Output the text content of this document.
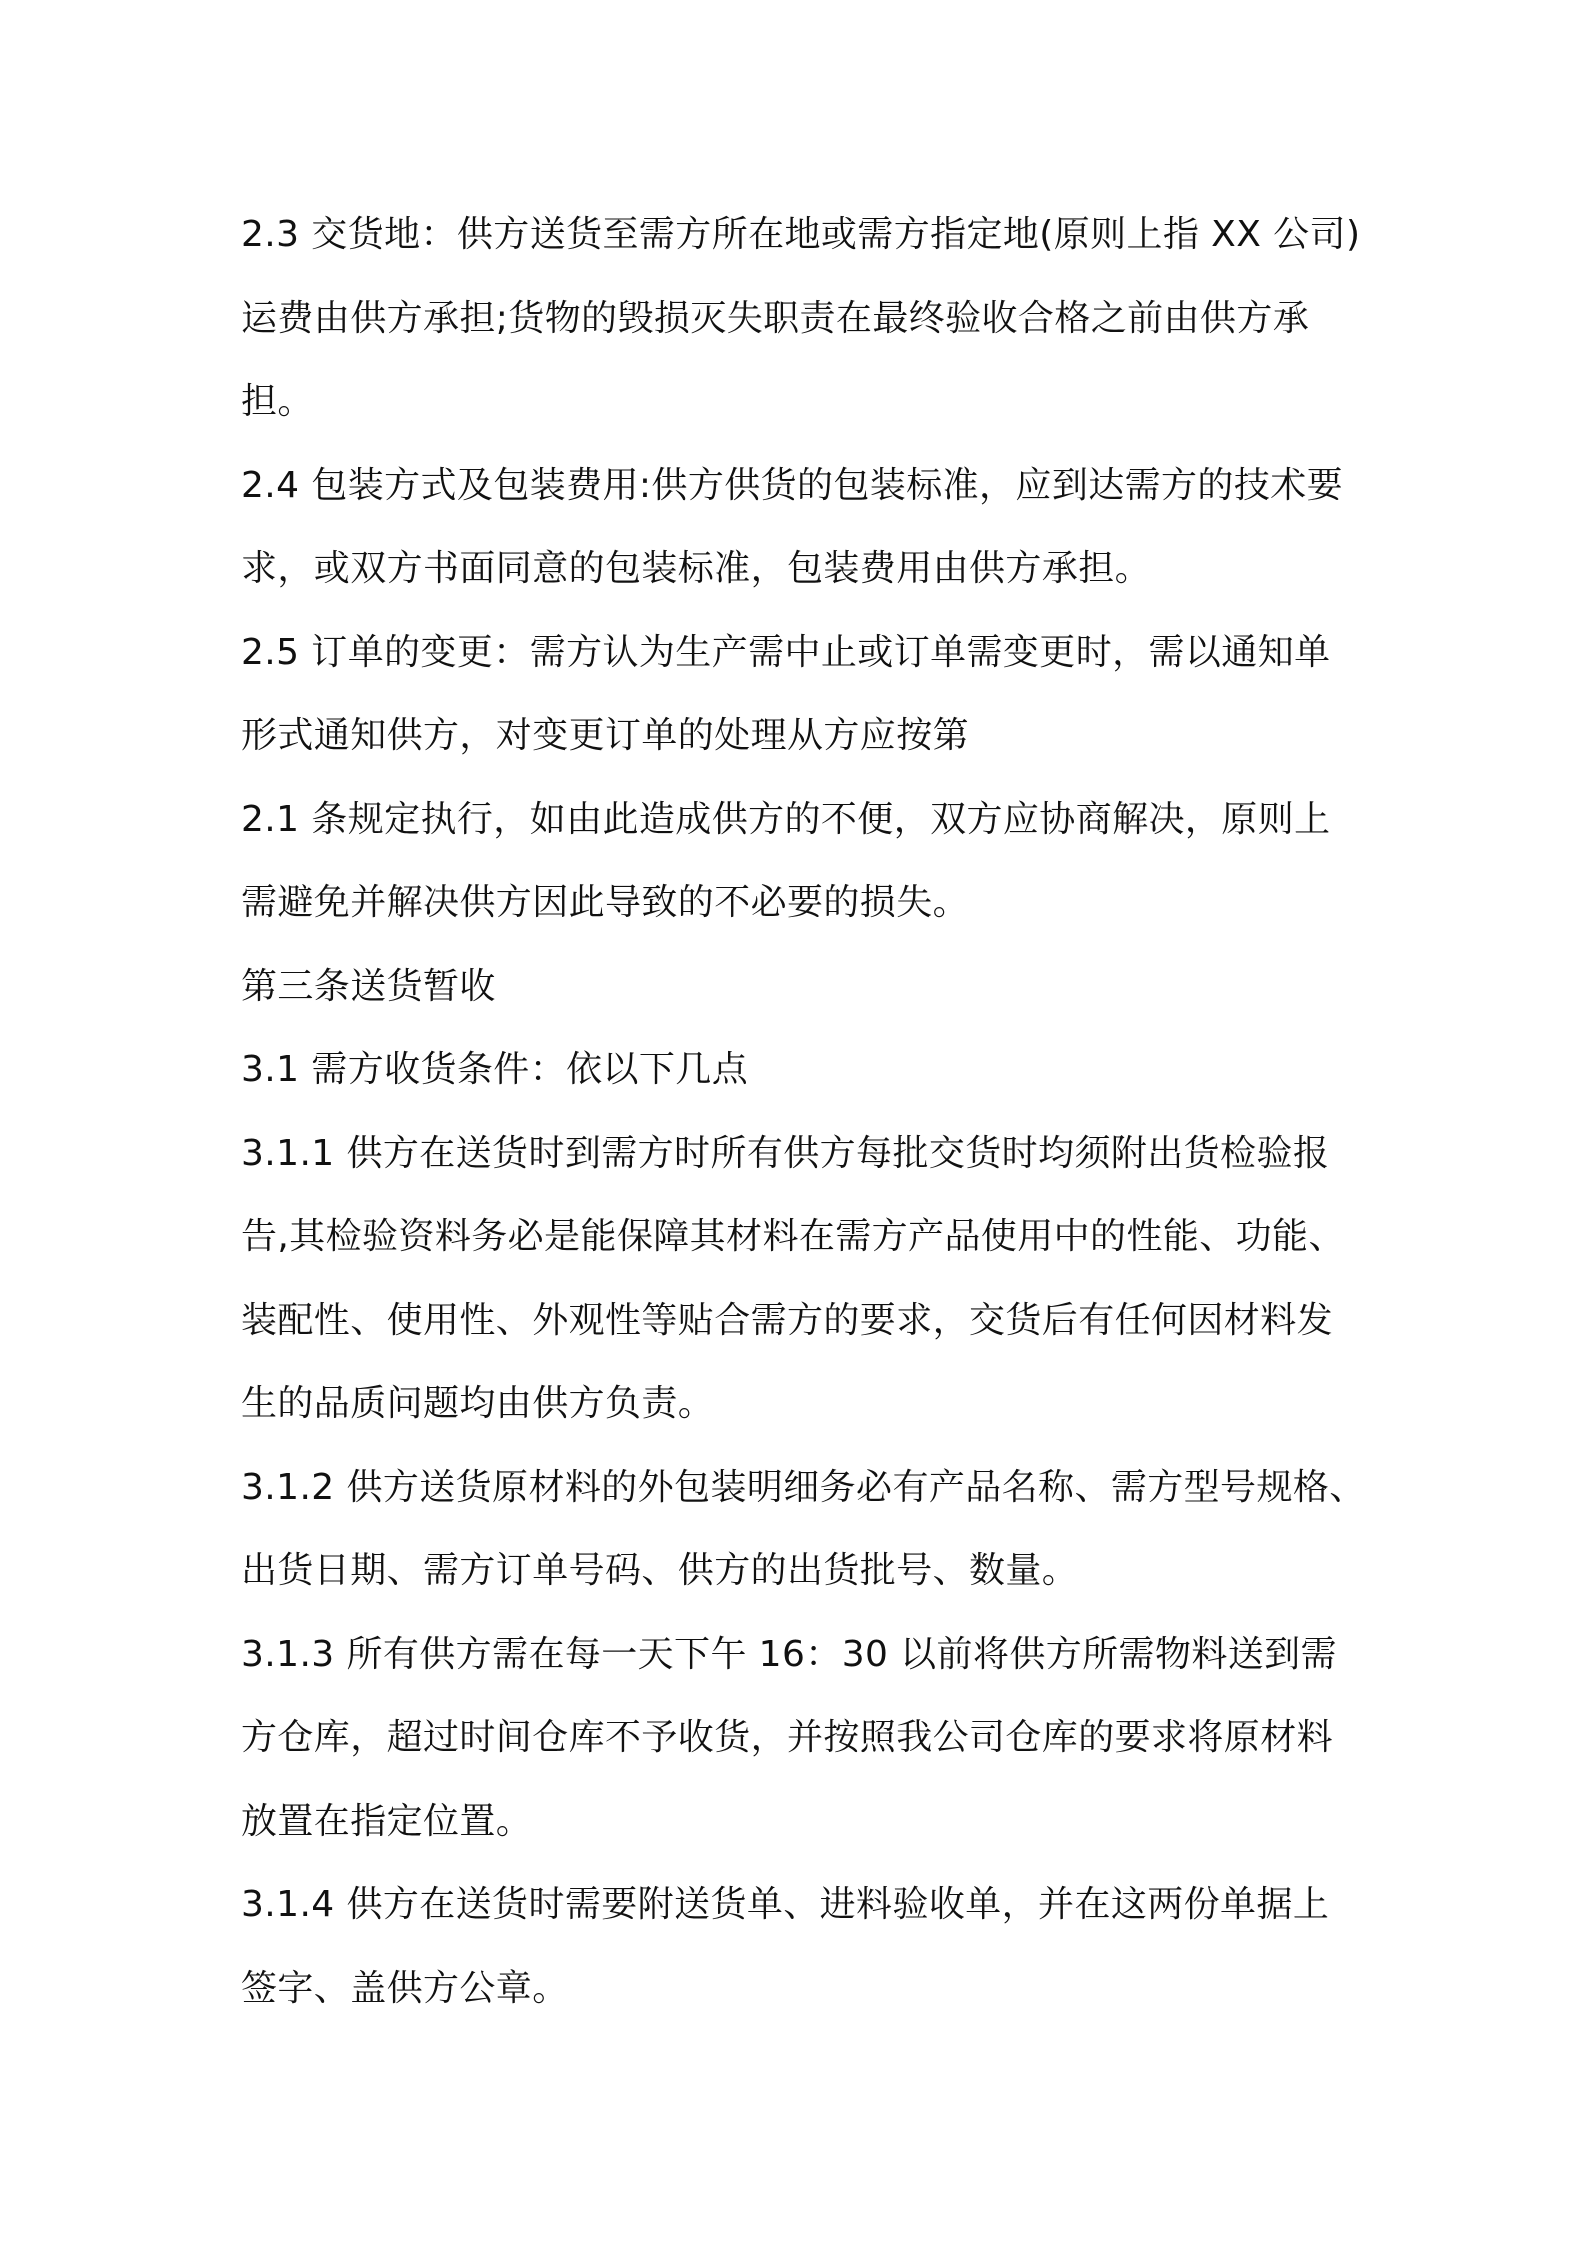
2.3 交货地：供方送货至需方所在地或需方指定地(原则上指 XX 公司)
运费由供方承担;货物的毁损灭失职责在最终验收合格之前由供方承
担。
2.4 包装方式及包装费用:供方供货的包装标准，应到达需方的技术要
求，或双方书面同意的包装标准，包装费用由供方承担。
2.5 订单的变更：需方认为生产需中止或订单需变更时，需以通知单
形式通知供方，对变更订单的处理从方应按第
2.1 条规定执行，如由此造成供方的不便，双方应协商解决，原则上
需避免并解决供方因此导致的不必要的损失。
第三条送货暂收
3.1 需方收货条件：依以下几点
3.1.1 供方在送货时到需方时所有供方每批交货时均须附出货检验报
告,其检验资料务必是能保障其材料在需方产品使用中的性能、功能、
装配性、使用性、外观性等贴合需方的要求，交货后有任何因材料发
生的品质问题均由供方负责。
3.1.2 供方送货原材料的外包装明细务必有产品名称、需方型号规格、
出货日期、需方订单号码、供方的出货批号、数量。
3.1.3 所有供方需在每一天下午 16：30 以前将供方所需物料送到需
方仓库，超过时间仓库不予收货，并按照我公司仓库的要求将原材料
放置在指定位置。
3.1.4 供方在送货时需要附送货单、进料验收单，并在这两份单据上
签字、盖供方公章。
